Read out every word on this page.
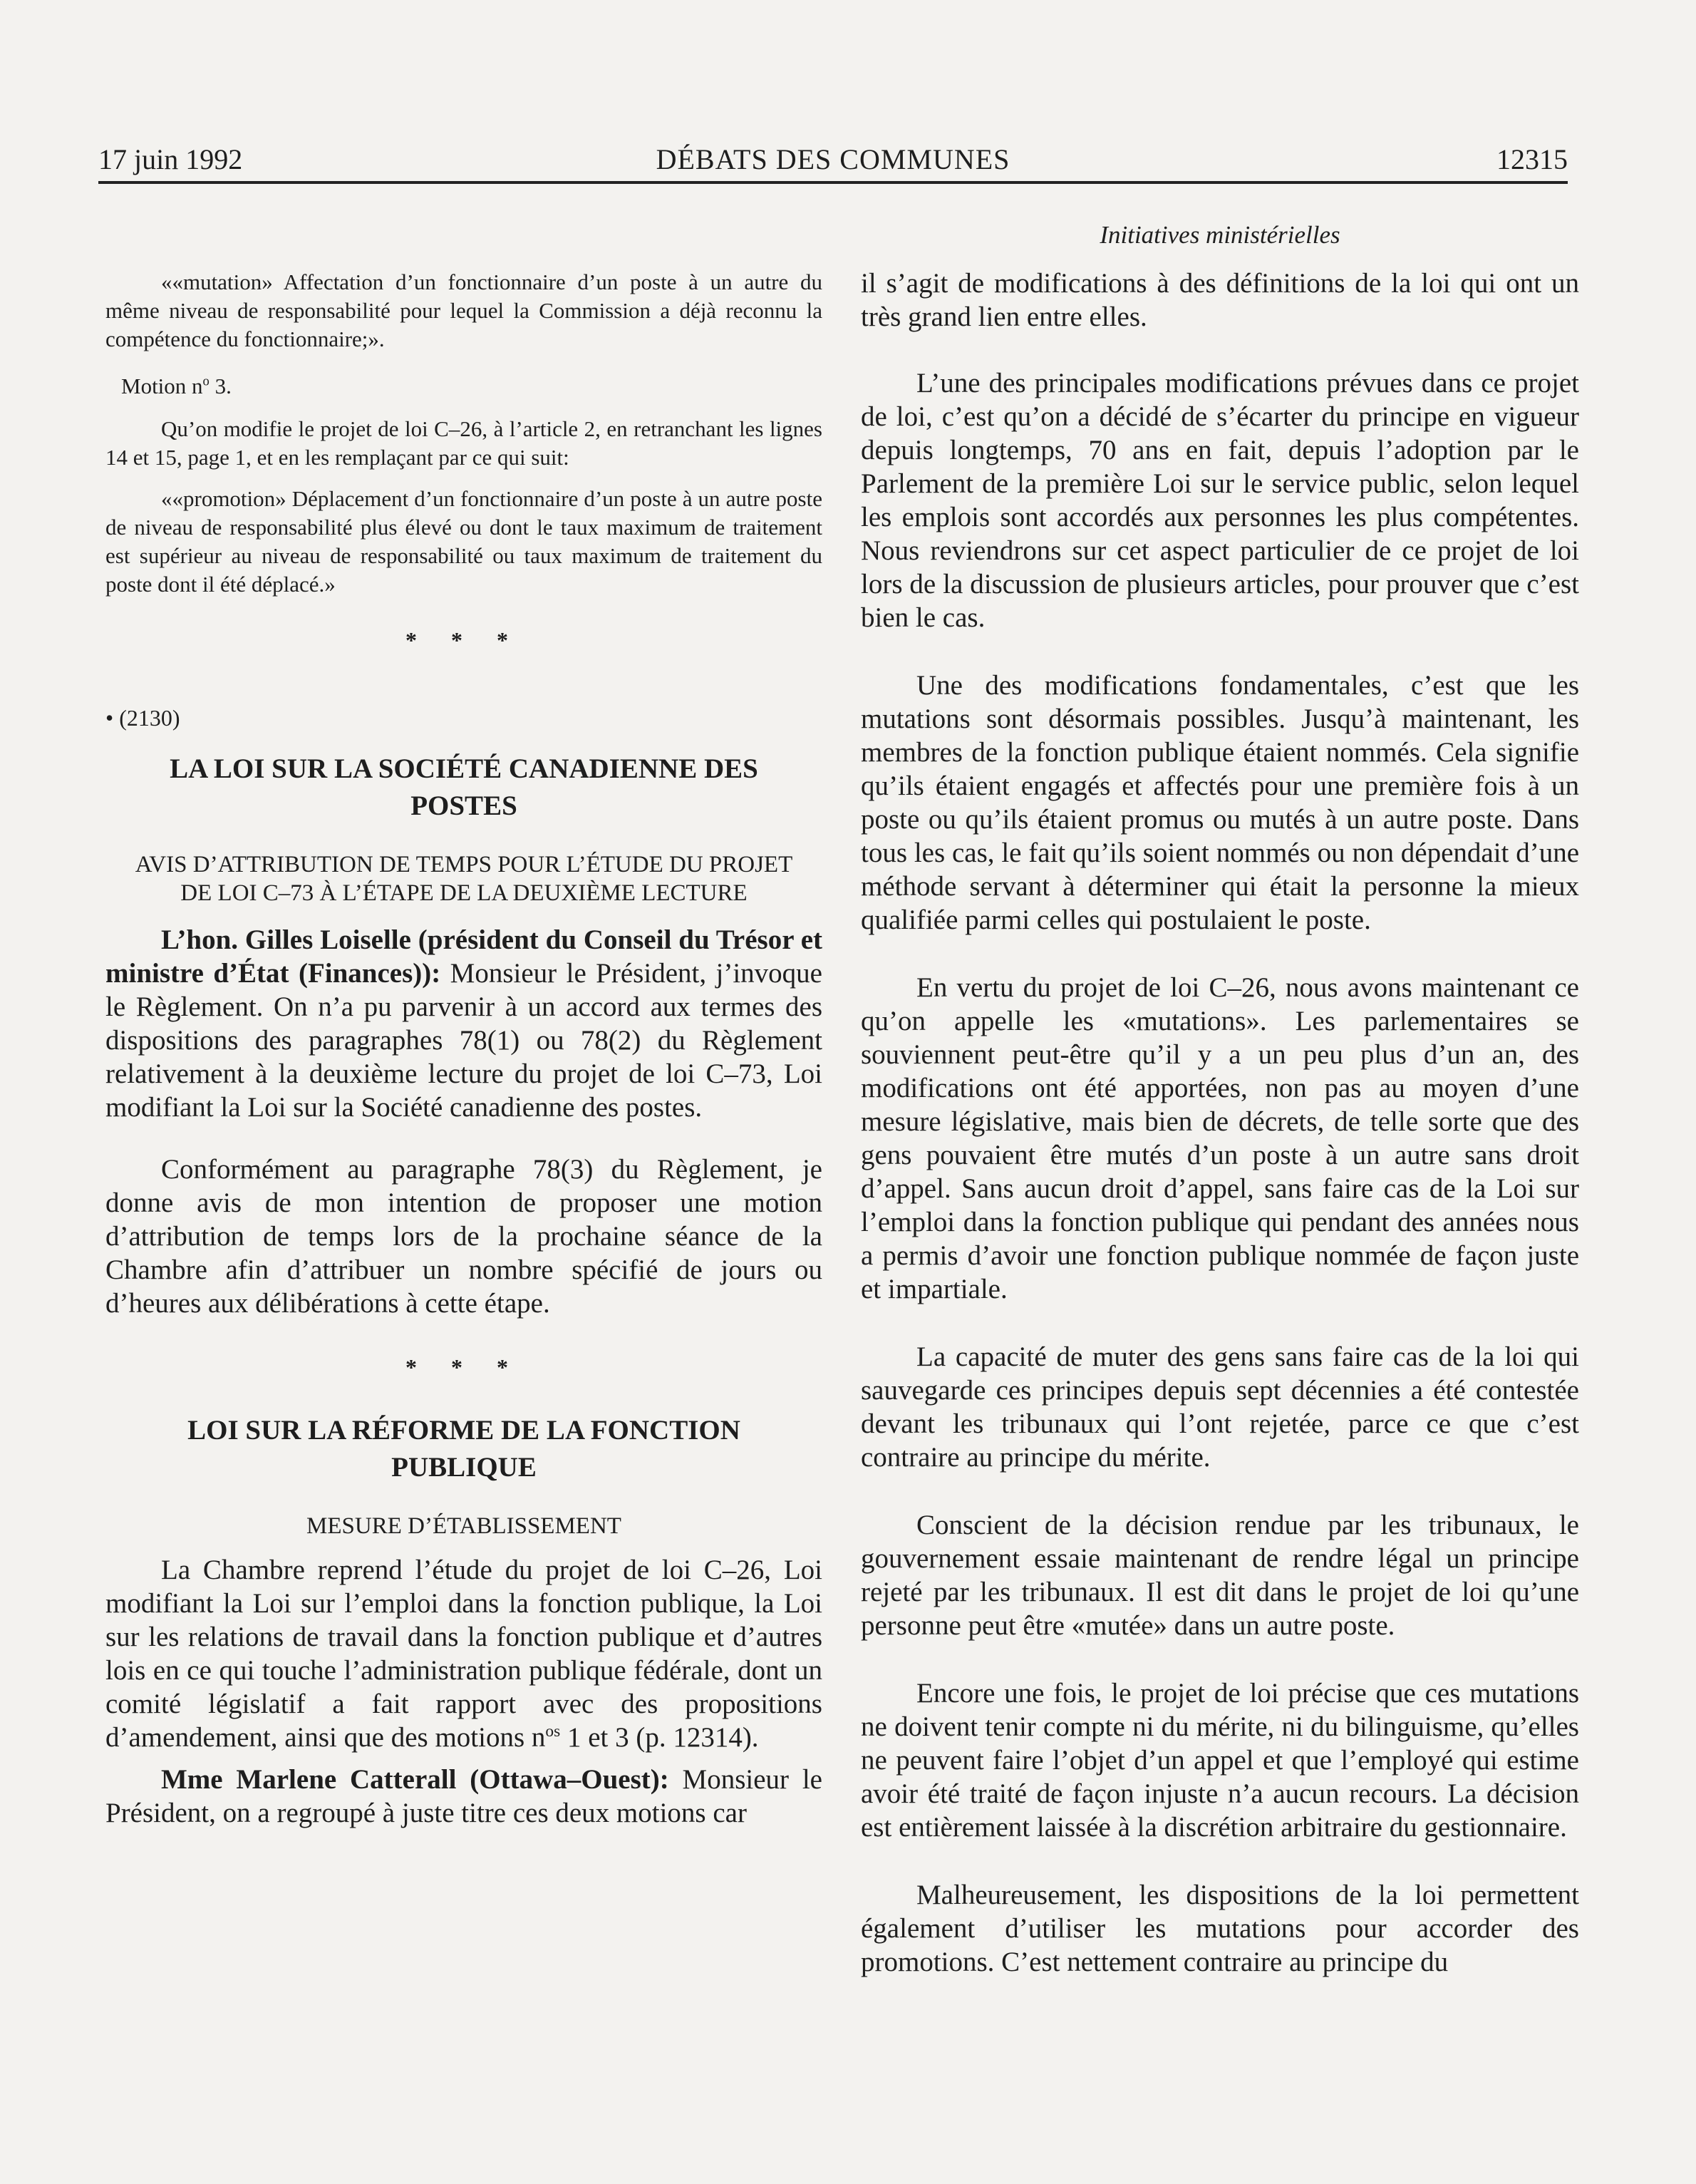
17 juin 1992	DÉBATS DES COMMUNES	12315

««mutation» Affectation d’un fonctionnaire d’un poste à un autre du même niveau de responsabilité pour lequel la Commission a déjà reconnu la compétence du fonctionnaire;».

Motion $n^o$ 3.

Qu’on modifie le projet de loi C–26, à l’article 2, en retranchant les lignes 14 et 15, page 1, et en les remplaçant par ce qui suit:

««promotion» Déplacement d’un fonctionnaire d’un poste à un autre poste de niveau de responsabilité plus élevé ou dont le taux maximum de traitement est supérieur au niveau de responsabilité ou taux maximum de traitement du poste dont il été déplacé.»

* * *
• (2130)
LA LOI SUR LA SOCIÉTÉ CANADIENNE DES POSTES
AVIS D’ATTRIBUTION DE TEMPS POUR L’ÉTUDE DU PROJET DE LOI C–73 À L’ÉTAPE DE LA DEUXIÈME LECTURE

L’hon. Gilles Loiselle (président du Conseil du Trésor et ministre d’État (Finances)): Monsieur le Président, j’invoque le Règlement. On n’a pu parvenir à un accord aux termes des dispositions des paragraphes 78(1) ou 78(2) du Règlement relativement à la deuxième lecture du projet de loi C–73, Loi modifiant la Loi sur la Société canadienne des postes.

Conformément au paragraphe 78(3) du Règlement, je donne avis de mon intention de proposer une motion d’attribution de temps lors de la prochaine séance de la Chambre afin d’attribuer un nombre spécifié de jours ou d’heures aux délibérations à cette étape.

* * *
LOI SUR LA RÉFORME DE LA FONCTION PUBLIQUE
MESURE D’ÉTABLISSEMENT

La Chambre reprend l’étude du projet de loi C–26, Loi modifiant la Loi sur l’emploi dans la fonction publique, la Loi sur les relations de travail dans la fonction publique et d’autres lois en ce qui touche l’administration publique fédérale, dont un comité législatif a fait rapport avec des propositions d’amendement, ainsi que des motions $n^{os}$ 1 et 3 (p. 12314).

Mme Marlene Catterall (Ottawa–Ouest): Monsieur le Président, on a regroupé à juste titre ces deux motions car

Initiatives ministérielles

il s’agit de modifications à des définitions de la loi qui ont un très grand lien entre elles.

L’une des principales modifications prévues dans ce projet de loi, c’est qu’on a décidé de s’écarter du principe en vigueur depuis longtemps, 70 ans en fait, depuis l’adoption par le Parlement de la première Loi sur le service public, selon lequel les emplois sont accordés aux personnes les plus compétentes. Nous reviendrons sur cet aspect particulier de ce projet de loi lors de la discussion de plusieurs articles, pour prouver que c’est bien le cas.

Une des modifications fondamentales, c’est que les mutations sont désormais possibles. Jusqu’à maintenant, les membres de la fonction publique étaient nommés. Cela signifie qu’ils étaient engagés et affectés pour une première fois à un poste ou qu’ils étaient promus ou mutés à un autre poste. Dans tous les cas, le fait qu’ils soient nommés ou non dépendait d’une méthode servant à déterminer qui était la personne la mieux qualifiée parmi celles qui postulaient le poste.

En vertu du projet de loi C–26, nous avons maintenant ce qu’on appelle les «mutations». Les parlementaires se souviennent peut-être qu’il y a un peu plus d’un an, des modifications ont été apportées, non pas au moyen d’une mesure législative, mais bien de décrets, de telle sorte que des gens pouvaient être mutés d’un poste à un autre sans droit d’appel. Sans aucun droit d’appel, sans faire cas de la Loi sur l’emploi dans la fonction publique qui pendant des années nous a permis d’avoir une fonction publique nommée de façon juste et impartiale.

La capacité de muter des gens sans faire cas de la loi qui sauvegarde ces principes depuis sept décennies a été contestée devant les tribunaux qui l’ont rejetée, parce ce que c’est contraire au principe du mérite.

Conscient de la décision rendue par les tribunaux, le gouvernement essaie maintenant de rendre légal un principe rejeté par les tribunaux. Il est dit dans le projet de loi qu’une personne peut être «mutée» dans un autre poste.

Encore une fois, le projet de loi précise que ces mutations ne doivent tenir compte ni du mérite, ni du bilinguisme, qu’elles ne peuvent faire l’objet d’un appel et que l’employé qui estime avoir été traité de façon injuste n’a aucun recours. La décision est entièrement laissée à la discrétion arbitraire du gestionnaire.

Malheureusement, les dispositions de la loi permettent également d’utiliser les mutations pour accorder des promotions. C’est nettement contraire au principe du
